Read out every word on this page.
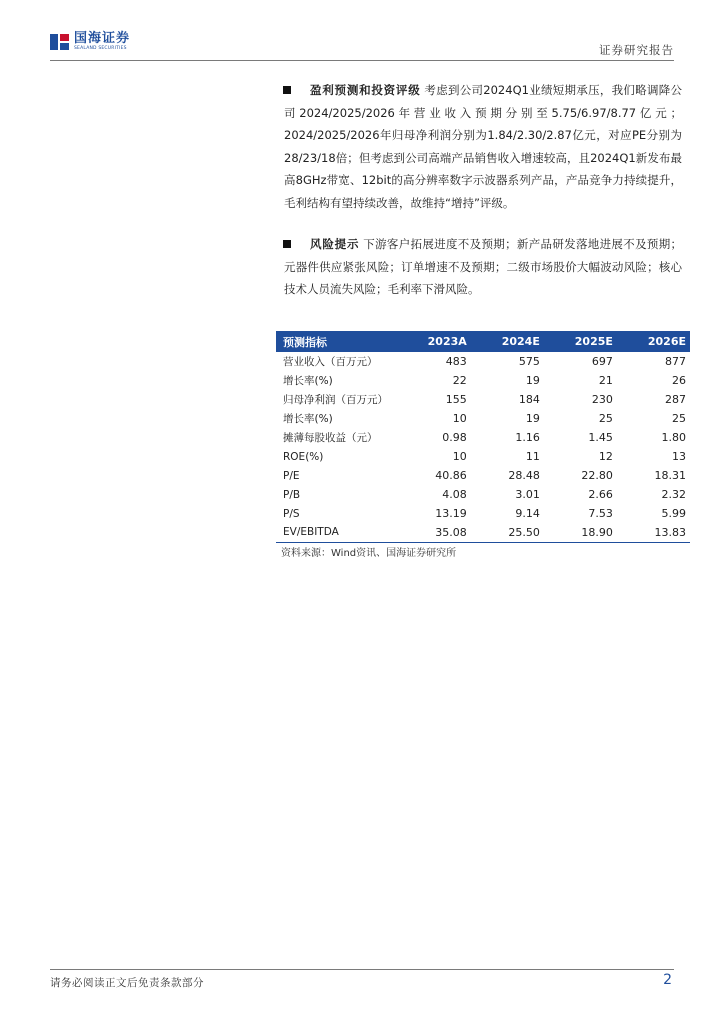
国海证券
SEALAND SECURITIES	证券研究报告

盈利预测和投资评级 考虑到公司2024Q1业绩短期承压，我们略调降公司2024/2025/2026年营业收入预期分别至5.75/6.97/8.77亿元；2024/2025/2026年归母净利润分别为1.84/2.30/2.87亿元，对应PE分别为28/23/18倍；但考虑到公司高端产品销售收入增速较高，且2024Q1新发布最高8GHz带宽、12bit的高分辨率数字示波器系列产品，产品竞争力持续提升，毛利结构有望持续改善，故维持“增持”评级。

风险提示 下游客户拓展进度不及预期；新产品研发落地进展不及预期；元器件供应紧张风险；订单增速不及预期；二级市场股价大幅波动风险；核心技术人员流失风险；毛利率下滑风险。

预测指标	2023A	2024E	2025E	2026E
营业收入（百万元）	483	575	697	877
增长率(%)	22	19	21	26
归母净利润（百万元）	155	184	230	287
增长率(%)	10	19	25	25
摊薄每股收益（元）	0.98	1.16	1.45	1.80
ROE(%)	10	11	12	13
P/E	40.86	28.48	22.80	18.31
P/B	4.08	3.01	2.66	2.32
P/S	13.19	9.14	7.53	5.99
EV/EBITDA	35.08	25.50	18.90	13.83
资料来源：Wind资讯、国海证券研究所
请务必阅读正文后免责条款部分	2
